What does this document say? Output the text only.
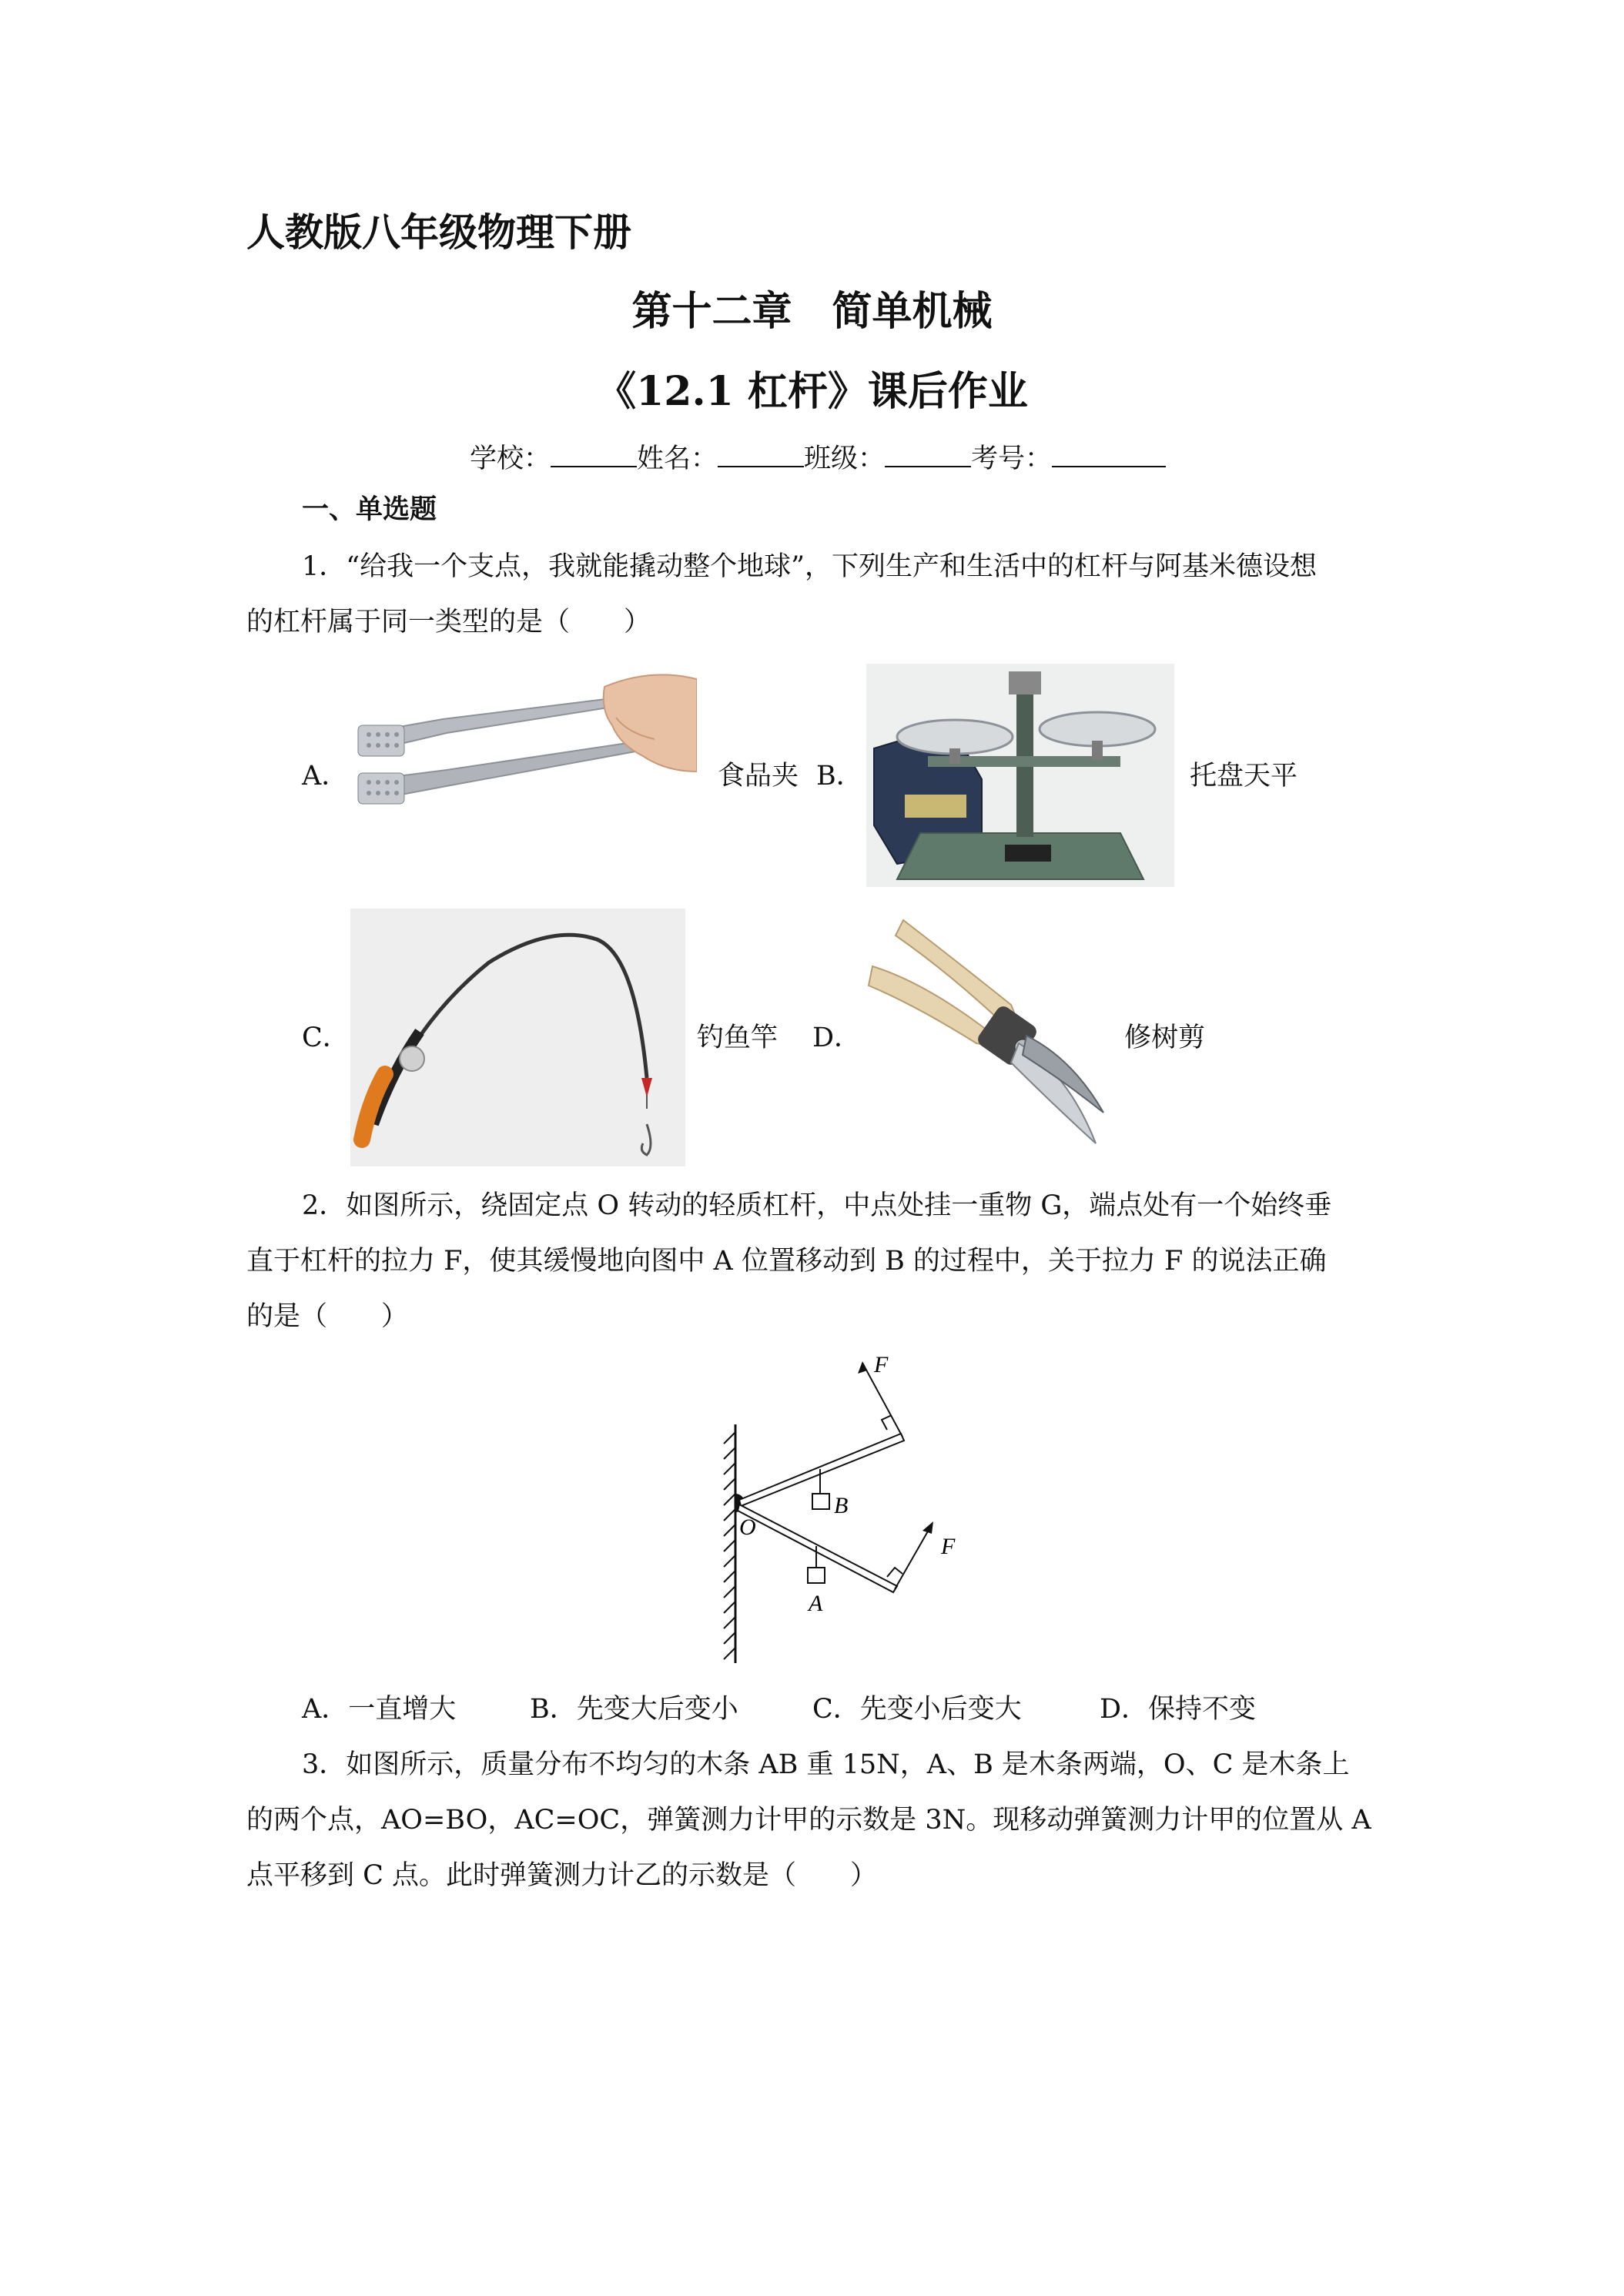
人教版八年级物理下册
第十二章　简单机械
《12.1 杠杆》课后作业
学校：	姓名：	班级：	考号：
一、单选题
1．“给我一个支点，我就能撬动整个地球”，下列生产和生活中的杠杆与阿基米德设想
的杠杆属于同一类型的是（　　）
A．	食品夹 B．	托盘天平
C．	钓鱼竿 D．	修树剪
2．如图所示，绕固定点 O 转动的轻质杠杆，中点处挂一重物 G，端点处有一个始终垂
直于杠杆的拉力 F，使其缓慢地向图中 A 位置移动到 B 的过程中，关于拉力 F 的说法正确
的是（　　）
F
F
B
O
A
A．一直增大	B．先变大后变小	C．先变小后变大	D．保持不变
3．如图所示，质量分布不均匀的木条 AB 重 15N，A、B 是木条两端，O、C 是木条上
的两个点，AO=BO，AC=OC，弹簧测力计甲的示数是 3N。现移动弹簧测力计甲的位置从 A
点平移到 C 点。此时弹簧测力计乙的示数是（　　）
